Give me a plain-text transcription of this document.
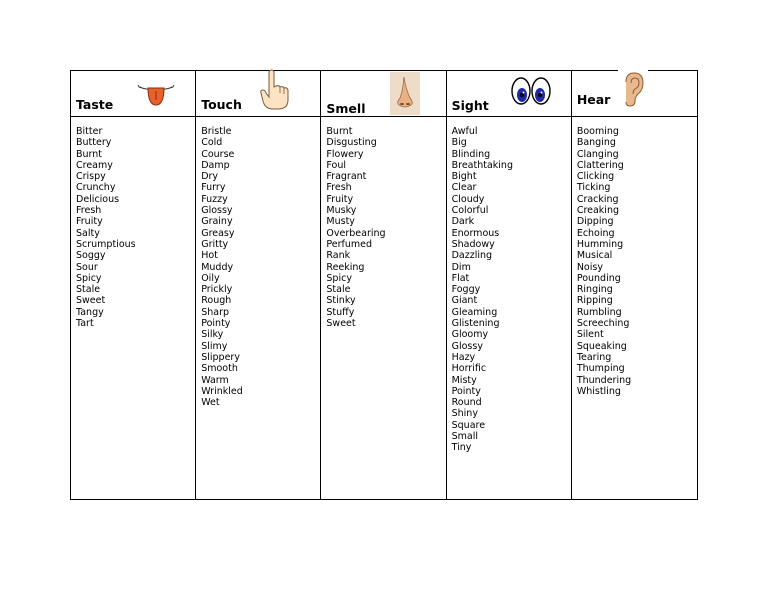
Taste
Bitter
Buttery
Burnt
Creamy
Crispy
Crunchy
Delicious
Fresh
Fruity
Salty
Scrumptious
Soggy
Sour
Spicy
Stale
Sweet
Tangy
Tart
Touch
Bristle
Cold
Course
Damp
Dry
Furry
Fuzzy
Glossy
Grainy
Greasy
Gritty
Hot
Muddy
Oily
Prickly
Rough
Sharp
Pointy
Silky
Slimy
Slippery
Smooth
Warm
Wrinkled
Wet
Smell
Burnt
Disgusting
Flowery
Foul
Fragrant
Fresh
Fruity
Musky
Musty
Overbearing
Perfumed
Rank
Reeking
Spicy
Stale
Stinky
Stuffy
Sweet
Sight
Awful
Big
Blinding
Breathtaking
Bight
Clear
Cloudy
Colorful
Dark
Enormous
Shadowy
Dazzling
Dim
Flat
Foggy
Giant
Gleaming
Glistening
Gloomy
Glossy
Hazy
Horrific
Misty
Pointy
Round
Shiny
Square
Small
Tiny
Hear
Booming
Banging
Clanging
Clattering
Clicking
Ticking
Cracking
Creaking
Dipping
Echoing
Humming
Musical
Noisy
Pounding
Ringing
Ripping
Rumbling
Screeching
Silent
Squeaking
Tearing
Thumping
Thundering
Whistling
